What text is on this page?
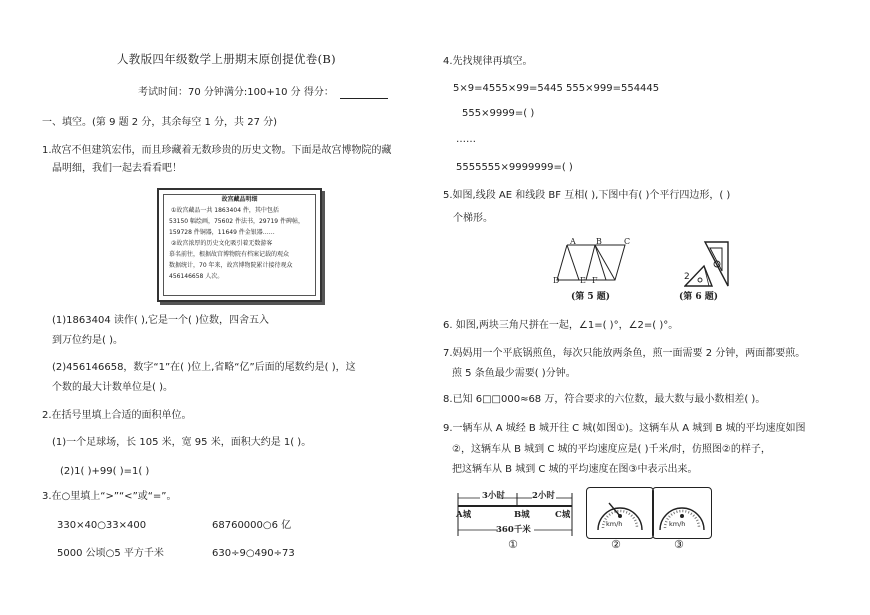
人教版四年级数学上册期末原创提优卷(B)
考试时间：70 分钟满分:100+10 分 得分：
一、填空。(第 9 题 2 分，其余每空 1 分，共 27 分)
1.故宫不但建筑宏伟，而且珍藏着无数珍贵的历史文物。下面是故宫博物院的藏
晶明细，我们一起去看看吧！
故宫藏品明细
①故宫藏品一共 1863404 件，其中包括
53150 幅绘画，75602 件法书，29719 件碑帖，
159728 件铜器，11649 件金银器……
②故宫浓厚的历史文化吸引着无数游客
慕名前往，根据故宫博物院有档案记载的观众
数据统计，70 年来，故宫博物院累计接待观众
456146658 人次。
(1)1863404 读作( ),它是一个( )位数，四舍五入
到万位约是( )。
(2)456146658，数字“1”在( )位上,省略“亿”后面的尾数约是( )，这
个数的最大计数单位是( )。
2.在括号里填上合适的面积单位。
(1)一个足球场，长 105 米，宽 95 米，面积大约是 1( )。
(2)1( )+99( )=1( )
3.在○里填上“>”“<”或“=”。
330×40○33×400	68760000○6 亿
5000 公顷○5 平方千米	630÷9○490÷73
4.先找规律再填空。
5×9=4555×99=5445 555×999=554445
555×9999=( )
……
5555555×9999999=( )
5.如图,线段 AE 和线段 BF 互相( ),下图中有( )个平行四边形，( )
个梯形。
A	B	C
D	E F
(第 5 题)
2
(第 6 题)
6. 如图,两块三角尺拼在一起，∠1=( )°，∠2=( )°。
7.妈妈用一个平底锅煎鱼，每次只能放两条鱼，煎一面需要 2 分钟，两面都要煎。
煎 5 条鱼最少需要( )分钟。
8.已知 6□□000≈68 万，符合要求的六位数，最大数与最小数相差( )。
9.一辆车从 A 城经 B 城开往 C 城(如图①)。这辆车从 A 城到 B 城的平均速度如图
②，这辆车从 B 城到 C 城的平均速度应是( )千米/时，仿照图②的样子，
把这辆车从 B 城到 C 城的平均速度在图③中表示出来。
3小时	2小时
A城	B城	C城
360千米
①
km/h
②
km/h
③
